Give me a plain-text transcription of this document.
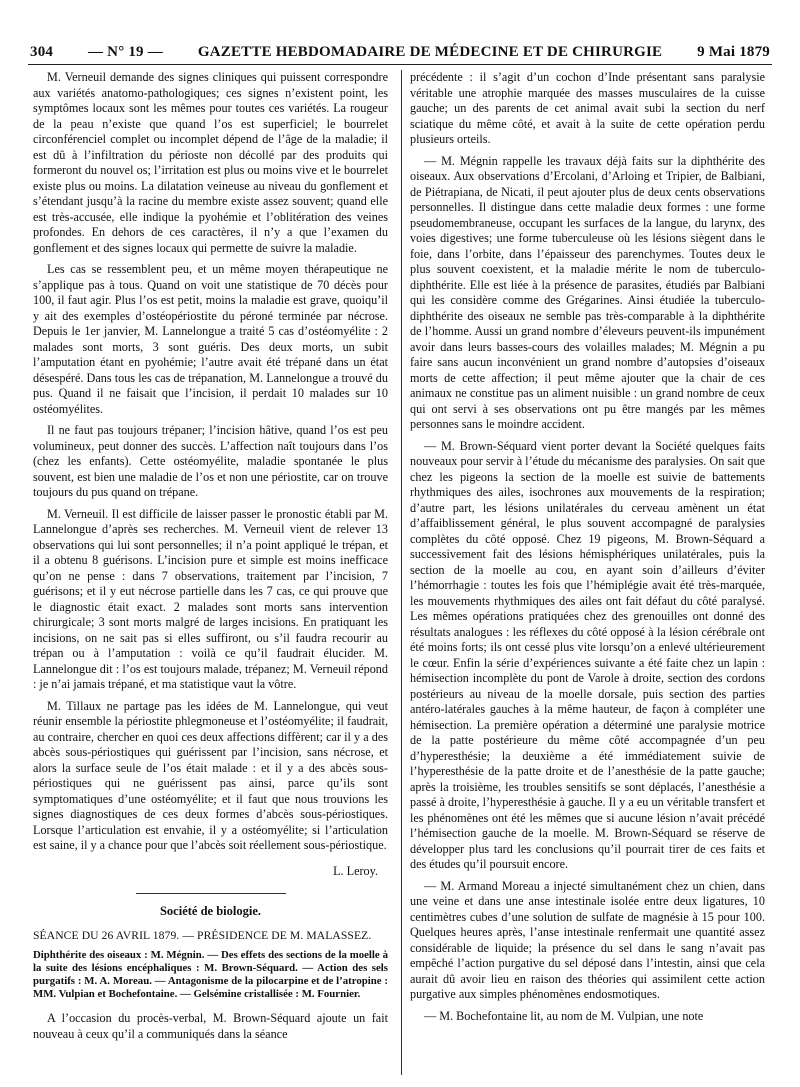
304 — N° 19 — GAZETTE HEBDOMADAIRE DE MÉDECINE ET DE CHIRURGIE 9 Mai 1879

M. Verneuil demande des signes cliniques qui puissent correspondre aux variétés anatomo-pathologiques; ces signes n’existent point, les symptômes locaux sont les mêmes pour toutes ces variétés. La rougeur de la peau n’existe que quand l’os est superficiel; le bourrelet circonférenciel complet ou incomplet dépend de l’âge de la maladie; il est dû à l’infiltration du périoste non décollé par des produits qui formeront du nouvel os; l’irritation est plus ou moins vive et le bourrelet existe plus ou moins. La dilatation veineuse au niveau du gonflement et s’étendant jusqu’à la racine du membre existe assez souvent; quand elle est très-accusée, elle indique la pyohémie et l’oblitération des veines profondes. En dehors de ces caractères, il n’y a que l’examen du gonflement et des signes locaux qui permette de suivre la maladie.

Les cas se ressemblent peu, et un même moyen thérapeutique ne s’applique pas à tous. Quand on voit une statistique de 70 décès pour 100, il faut agir. Plus l’os est petit, moins la maladie est grave, quoiqu’il y ait des exemples d’ostéopériostite du péroné terminée par nécrose. Depuis le 1er janvier, M. Lannelongue a traité 5 cas d’ostéomyélite : 2 malades sont morts, 3 sont guéris. Des deux morts, un subit l’amputation étant en pyohémie; l’autre avait été trépané dans un état désespéré. Dans tous les cas de trépanation, M. Lannelongue a trouvé du pus. Quand il ne faisait que l’incision, il perdait 10 malades sur 10 ostéomyélites.

Il ne faut pas toujours trépaner; l’incision hâtive, quand l’os est peu volumineux, peut donner des succès. L’affection naît toujours dans l’os (chez les enfants). Cette ostéomyélite, maladie spontanée le plus souvent, est bien une maladie de l’os et non une périostite, car on trouve toujours du pus quand on trépane.

M. Verneuil. Il est difficile de laisser passer le pronostic établi par M. Lannelongue d’après ses recherches. M. Verneuil vient de relever 13 observations qui lui sont personnelles; il n’a point appliqué le trépan, et il a obtenu 8 guérisons. L’incision pure et simple est moins inefficace qu’on ne pense : dans 7 observations, traitement par l’incision, 7 guérisons; et il y eut nécrose partielle dans les 7 cas, ce qui prouve que le diagnostic était exact. 2 malades sont morts sans intervention chirurgicale; 3 sont morts malgré de larges incisions. En pratiquant les incisions, on ne sait pas si elles suffiront, ou s’il faudra recourir au trépan ou à l’amputation : voilà ce qu’il faudrait élucider. M. Lannelongue dit : l’os est toujours malade, trépanez; M. Verneuil répond : je n’ai jamais trépané, et ma statistique vaut la vôtre.

M. Tillaux ne partage pas les idées de M. Lannelongue, qui veut réunir ensemble la périostite phlegmoneuse et l’ostéomyélite; il faudrait, au contraire, chercher en quoi ces deux affections diffèrent; car il y a des abcès sous-périostiques qui guérissent par l’incision, sans nécrose, et alors la surface seule de l’os était malade : et il y a des abcès sous-périostiques qui ne guérissent pas ainsi, parce qu’ils sont symptomatiques d’une ostéomyélite; et il faut que nous trouvions les signes diagnostiques de ces deux formes d’abcès sous-périostiques. Lorsque l’articulation est envahie, il y a ostéomyélite; si l’articulation est saine, il y a chance pour que l’abcès soit réellement sous-périostique.

L. Leroy.
Société de biologie.

SÉANCE DU 26 AVRIL 1879. — PRÉSIDENCE DE M. MALASSEZ.

Diphthérite des oiseaux : M. Mégnin. — Des effets des sections de la moelle à la suite des lésions encéphaliques : M. Brown-Séquard. — Action des sels purgatifs : M. A. Moreau. — Antagonisme de la pilocarpine et de l’atropine : MM. Vulpian et Bochefontaine. — Gelsémine cristallisée : M. Fournier.

A l’occasion du procès-verbal, M. Brown-Séquard ajoute un fait nouveau à ceux qu’il a communiqués dans la séance

précédente : il s’agit d’un cochon d’Inde présentant sans paralysie véritable une atrophie marquée des masses musculaires de la cuisse gauche; un des parents de cet animal avait subi la section du nerf sciatique du même côté, et avait à la suite de cette opération perdu plusieurs orteils.

— M. Mégnin rappelle les travaux déjà faits sur la diphthérite des oiseaux. Aux observations d’Ercolani, d’Arloing et Tripier, de Balbiani, de Piétrapiana, de Nicati, il peut ajouter plus de deux cents observations personnelles. Il distingue dans cette maladie deux formes : une forme pseudomembraneuse, occupant les surfaces de la langue, du larynx, des voies digestives; une forme tuberculeuse où les lésions siègent dans le foie, dans l’orbite, dans l’épaisseur des parenchymes. Toutes deux le plus souvent coexistent, et la maladie mérite le nom de tuberculo-diphthérite. Elle est liée à la présence de parasites, étudiés par Balbiani qui les considère comme des Grégarines. Ainsi étudiée la tuberculo-diphthérite des oiseaux ne semble pas très-comparable à la diphthérite de l’homme. Aussi un grand nombre d’éleveurs peuvent-ils impunément avoir dans leurs basses-cours des volailles malades; M. Mégnin a pu faire sans aucun inconvénient un grand nombre d’autopsies d’oiseaux morts de cette affection; il peut même ajouter que la chair de ces animaux ne constitue pas un aliment nuisible : un grand nombre de ceux qui ont servi à ses observations ont pu être mangés par les mêmes personnes sans le moindre accident.

— M. Brown-Séquard vient porter devant la Société quelques faits nouveaux pour servir à l’étude du mécanisme des paralysies. On sait que chez les pigeons la section de la moelle est suivie de battements rhythmiques des ailes, isochrones aux mouvements de la respiration; d’autre part, les lésions unilatérales du cerveau amènent un état d’affaiblissement général, le plus souvent accompagné de paralysies complètes du côté opposé. Chez 19 pigeons, M. Brown-Séquard a successivement fait des lésions hémisphériques unilatérales, puis la section de la moelle au cou, en ayant soin d’ailleurs d’éviter l’hémorrhagie : toutes les fois que l’hémiplégie avait été très-marquée, les mouvements rhythmiques des ailes ont fait défaut du côté paralysé. Les mêmes opérations pratiquées chez des grenouilles ont donné des résultats analogues : les réflexes du côté opposé à la lésion cérébrale ont été moins forts; ils ont cessé plus vite lorsqu’on a enlevé ultérieurement le cœur. Enfin la série d’expériences suivante a été faite chez un lapin : hémisection incomplète du pont de Varole à droite, section des cordons postérieurs au niveau de la moelle dorsale, puis section des parties antéro-latérales gauches à la même hauteur, de façon à compléter une hémisection. La première opération a déterminé une paralysie motrice de la patte postérieure du même côté accompagnée d’un peu d’hyperesthésie; la deuxième a été immédiatement suivie de l’hyperesthésie de la patte droite et de l’anesthésie de la patte gauche; après la troisième, les troubles sensitifs se sont déplacés, l’anesthésie a passé à droite, l’hyperesthésie à gauche. Il y a eu un véritable transfert et les phénomènes ont été les mêmes que si aucune lésion n’avait précédé l’hémisection gauche de la moelle. M. Brown-Séquard se réserve de développer plus tard les conclusions qu’il pourrait tirer de ces faits et des études qu’il poursuit encore.

— M. Armand Moreau a injecté simultanément chez un chien, dans une veine et dans une anse intestinale isolée entre deux ligatures, 10 centimètres cubes d’une solution de sulfate de magnésie à 15 pour 100. Quelques heures après, l’anse intestinale renfermait une quantité assez considérable de liquide; la présence du sel dans le sang n’avait pas empêché l’action purgative du sel déposé dans l’intestin, ainsi que cela aurait dû avoir lieu en raison des théories qui assimilent cette action purgative aux simples phénomènes endosmotiques.

— M. Bochefontaine lit, au nom de M. Vulpian, une note
